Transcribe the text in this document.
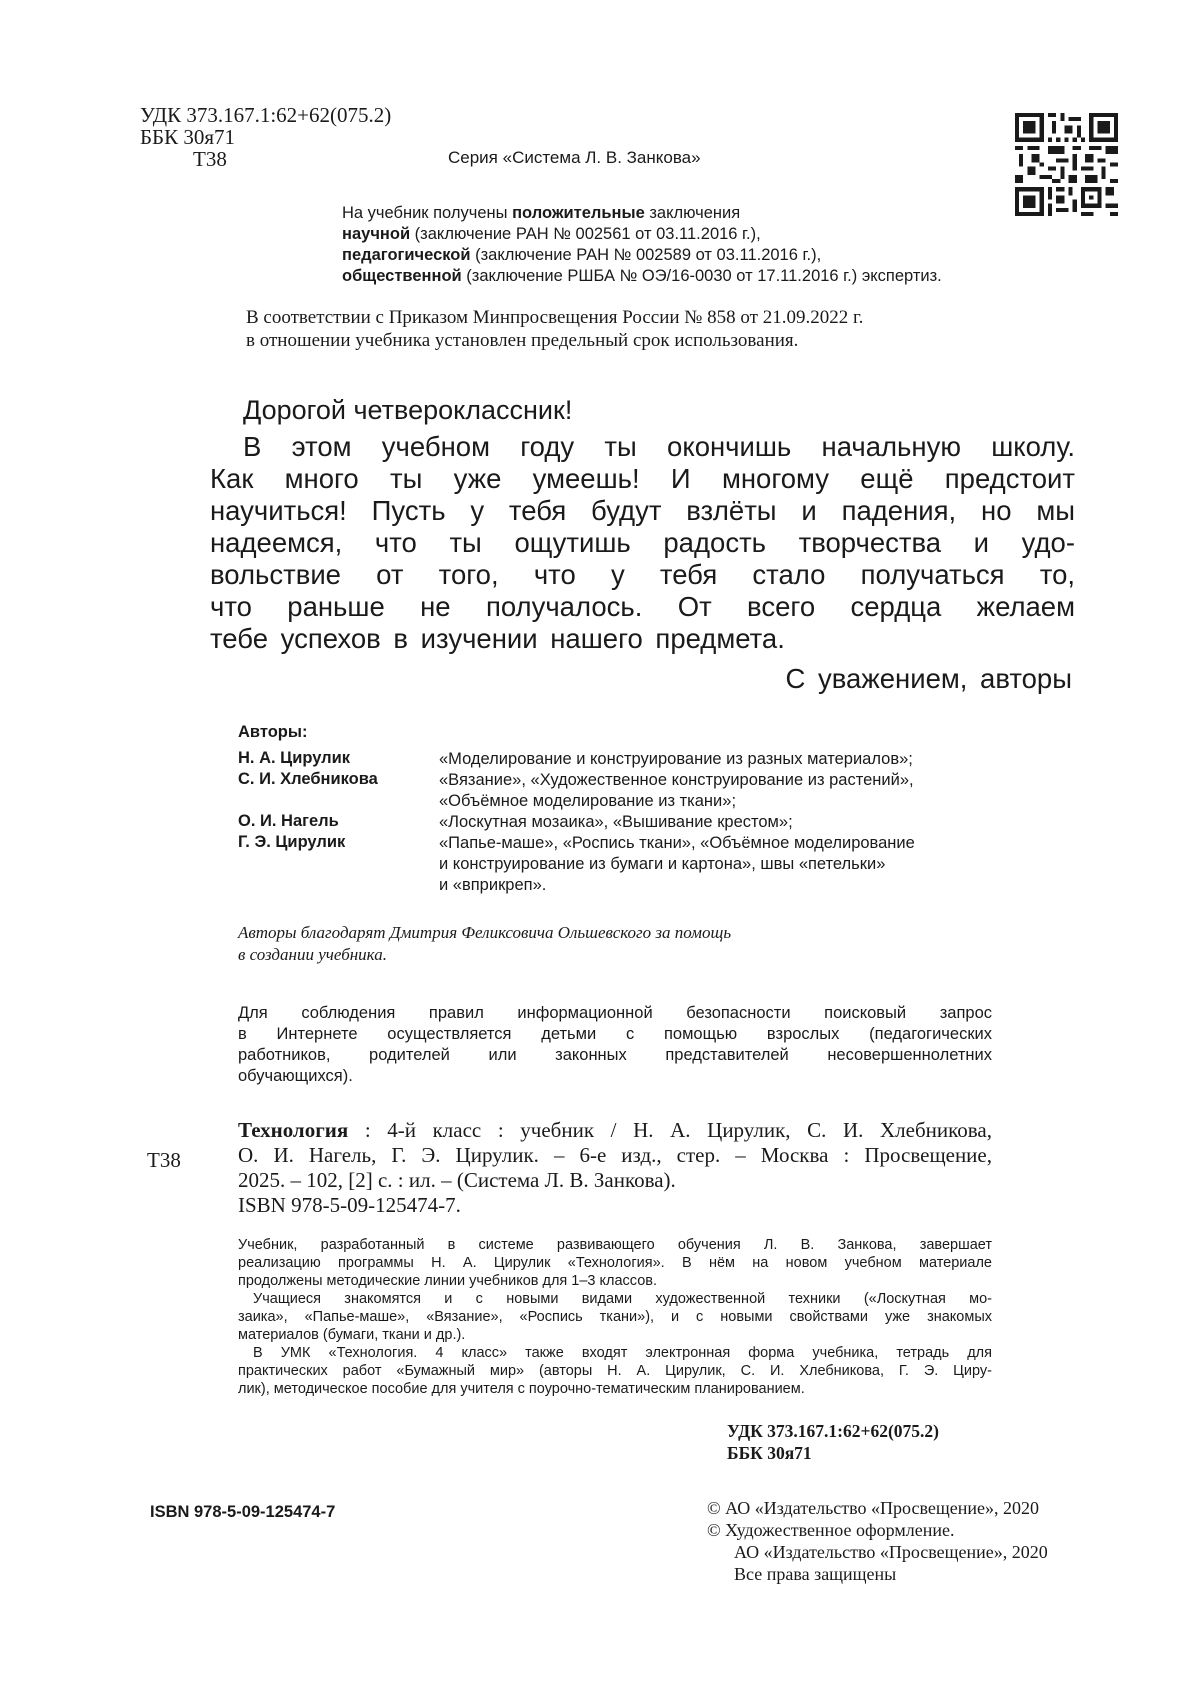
УДК 373.167.1:62+62(075.2)
ББК 30я71
Т38	Серия «Система Л. В. Занкова»
На учебник получены положительные заключения
научной (заключение РАН № 002561 от 03.11.2016 г.),
педагогической (заключение РАН № 002589 от 03.11.2016 г.),
общественной (заключение РШБА № ОЭ/16-0030 от 17.11.2016 г.) экспертиз.
В соответствии с Приказом Минпросвещения России № 858 от 21.09.2022 г.
в отношении учебника установлен предельный срок использования.
Дорогой четвероклассник!
В этом учебном году ты окончишь начальную школу.
Как много ты уже умеешь! И многому ещё предстоит
научиться! Пусть у тебя будут взлёты и падения, но мы
надеемся, что ты ощутишь радость творчества и удо-
вольствие от того, что у тебя стало получаться то,
что раньше не получалось. От всего сердца желаем
тебе успехов в изучении нашего предмета.
С уважением, авторы
Авторы:
Н. А. Цирулик	«Моделирование и конструирование из разных материалов»;
С. И. Хлебникова	«Вязание», «Художественное конструирование из растений»,
«Объёмное моделирование из ткани»;
О. И. Нагель	«Лоскутная мозаика», «Вышивание крестом»;
Г. Э. Цирулик	«Папье-маше», «Роспись ткани», «Объёмное моделирование
и конструирование из бумаги и картона», швы «петельки»
и «вприкреп».
Авторы благодарят Дмитрия Феликсовича Ольшевского за помощь
в создании учебника.
Для соблюдения правил информационной безопасности поисковый запрос
в Интернете осуществляется детьми с помощью взрослых (педагогических
работников, родителей или законных представителей несовершеннолетних
обучающихся).
Т38
Технология : 4-й класс : учебник / Н. А. Цирулик, С. И. Хлебникова,
О. И. Нагель, Г. Э. Цирулик. – 6-е изд., стер. – Москва : Просвещение,
2025. – 102, [2] с. : ил. – (Система Л. В. Занкова).
ISBN 978-5-09-125474-7.
Учебник, разработанный в системе развивающего обучения Л. В. Занкова, завершает
реализацию программы Н. А. Цирулик «Технология». В нём на новом учебном материале
продолжены методические линии учебников для 1–3 классов.
Учащиеся знакомятся и с новыми видами художественной техники («Лоскутная мо-
заика», «Папье-маше», «Вязание», «Роспись ткани»), и с новыми свойствами уже знакомых
материалов (бумаги, ткани и др.).
В УМК «Технология. 4 класс» также входят электронная форма учебника, тетрадь для
практических работ «Бумажный мир» (авторы Н. А. Цирулик, С. И. Хлебникова, Г. Э. Циру-
лик), методическое пособие для учителя с поурочно-тематическим планированием.
УДК 373.167.1:62+62(075.2)
ББК 30я71
ISBN 978-5-09-125474-7	© АО «Издательство «Просвещение», 2020
© Художественное оформление.
АО «Издательство «Просвещение», 2020
Все права защищены
